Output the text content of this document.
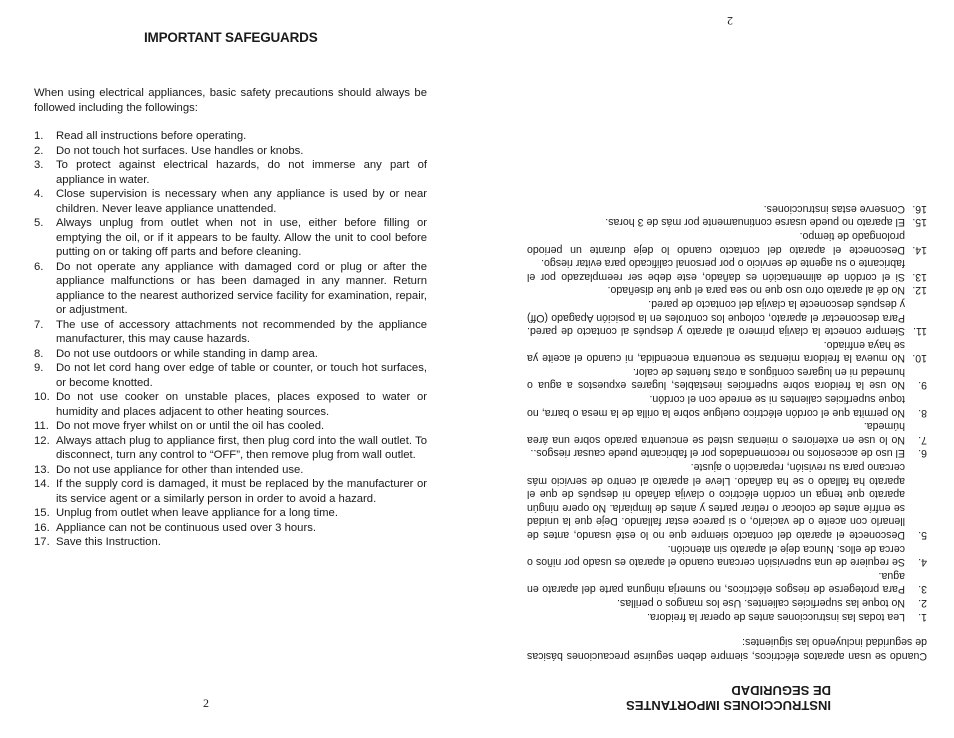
IMPORTANT SAFEGUARDS
When using electrical appliances, basic safety precautions should always be followed including the followings:
1. Read all instructions before operating.
2. Do not touch hot surfaces. Use handles or knobs.
3. To protect against electrical hazards, do not immerse any part of appliance in water.
4. Close supervision is necessary when any appliance is used by or near children. Never leave appliance unattended.
5. Always unplug from outlet when not in use, either before filling or emptying the oil, or if it appears to be faulty. Allow the unit to cool before putting on or taking off parts and before cleaning.
6. Do not operate any appliance with damaged cord or plug or after the appliance malfunctions or has been damaged in any manner. Return appliance to the nearest authorized service facility for examination, repair, or adjustment.
7. The use of accessory attachments not recommended by the appliance manufacturer, this may cause hazards.
8. Do not use outdoors or while standing in damp area.
9. Do not let cord hang over edge of table or counter, or touch hot surfaces, or become knotted.
10. Do not use cooker on unstable places, places exposed to water or humidity and places adjacent to other heating sources.
11. Do not move fryer whilst on or until the oil has cooled.
12. Always attach plug to appliance first, then plug cord into the wall outlet. To disconnect, turn any control to “OFF”, then remove plug from wall outlet.
13. Do not use appliance for other than intended use.
14. If the supply cord is damaged, it must be replaced by the manufacturer or its service agent or a similarly person in order to avoid a hazard.
15. Unplug from outlet when leave appliance for a long time.
16. Appliance can not be continuous used over 3 hours.
17. Save this Instruction.
2	INSTRUCCIONES IMPORTANTES DE SEGURIDAD
Cuando se usan aparatos eléctricos, siempre deben seguirse precauciones básicas de seguridad incluyendo las siguientes:
1.
Lea todas las instrucciones antes de operar la freidora.
2.
No toque las superficies calientes. Use los mangos o perillas.
3.
Para protegerse de riesgos eléctricos, no sumerja ninguna parte del aparato en agua.
4.
Se requiere de una supervisión cercana cuando el aparato es usado por niños o cerca de ellos. Nunca deje el aparato sin atención.
5.
Desconecte el aparato del contacto siempre que no lo esté usando, antes de llenarlo con aceite o de vaciarlo, o si parece estar fallando. Deje que la unidad se enfríe antes de colocar o retirar partes y antes de limpiarla. No opere ningún aparato que tenga un cordón eléctrico o clavija dañado ni después de que el aparato ha fallado o se ha dañado. Lleve el aparato al centro de servicio más cercano para su revisión, reparación o ajuste.
6.
El uso de accesorios no recomendados por el fabricante puede causar riesgos..
7.
No lo use en exteriores o mientras usted se encuentra parado sobre una área húmeda.
8.
No permita que el cordón eléctrico cuelgue sobre la orilla de la mesa o barra, no toque superficies calientes ni se enrede con el cordón.
9.
No use la freidora sobre superficies inestables, lugares expuestos a agua o humedad ni en lugares contiguos a otras fuentes de calor.
10.
No mueva la freidora mientras se encuentra encendida, ni cuando el aceite ya se haya enfriado.
11.
Siempre conecte la clavija primero al aparato y después al contacto de pared. Para desconectar el aparato, coloque los controles en la posición Apagado (Off) y después desconecte la clavija del contacto de pared.
12.
No dé al aparato otro uso que no sea para el que fue diseñado.
13.
Si el cordón de alimentación es dañado, este debe ser reemplazado por el fabricante o su agente de servicio o por personal calificado para evitar riesgo.
14.
Desconecte el aparato del contacto cuando lo deje durante un periodo prolongado de tiempo.
15.
El aparato no puede usarse continuamente por más de 3 horas.
16.
Conserve estas instrucciones.
2
